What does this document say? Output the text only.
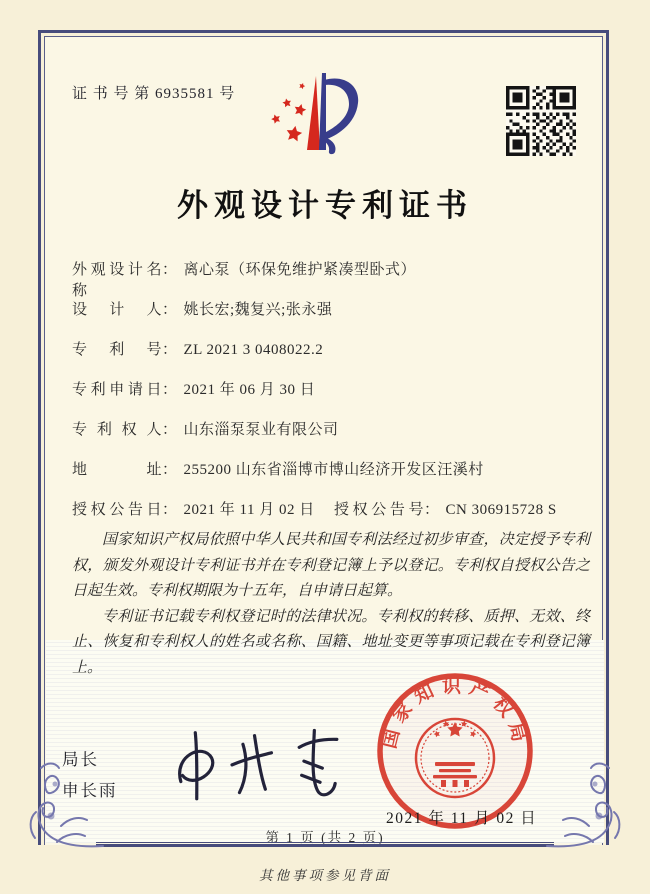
证 书 号 第 6935581 号
外观设计专利证书
外观设计名称： 离心泵（环保免维护紧凑型卧式）
设计人： 姚长宏;魏复兴;张永强
专利号： ZL 2021 3 0408022.2
专利申请日： 2021 年 06 月 30 日
专利权人： 山东淄泵泵业有限公司
地址： 255200 山东省淄博市博山经济开发区汪溪村
授权公告日： 2021 年 11 月 02 日 授权公告号： CN 306915728 S

国家知识产权局依照中华人民共和国专利法经过初步审查，决定授予专利权，颁发外观设计专利证书并在专利登记簿上予以登记。专利权自授权公告之日起生效。专利权期限为十五年，自申请日起算。

专利证书记载专利权登记时的法律状况。专利权的转移、质押、无效、终止、恢复和专利权人的姓名或名称、国籍、地址变更等事项记载在专利登记簿上。

局长
申长雨
国家知识产权局
2021 年 11 月 02 日
第 1 页 (共 2 页)
其他事项参见背面
